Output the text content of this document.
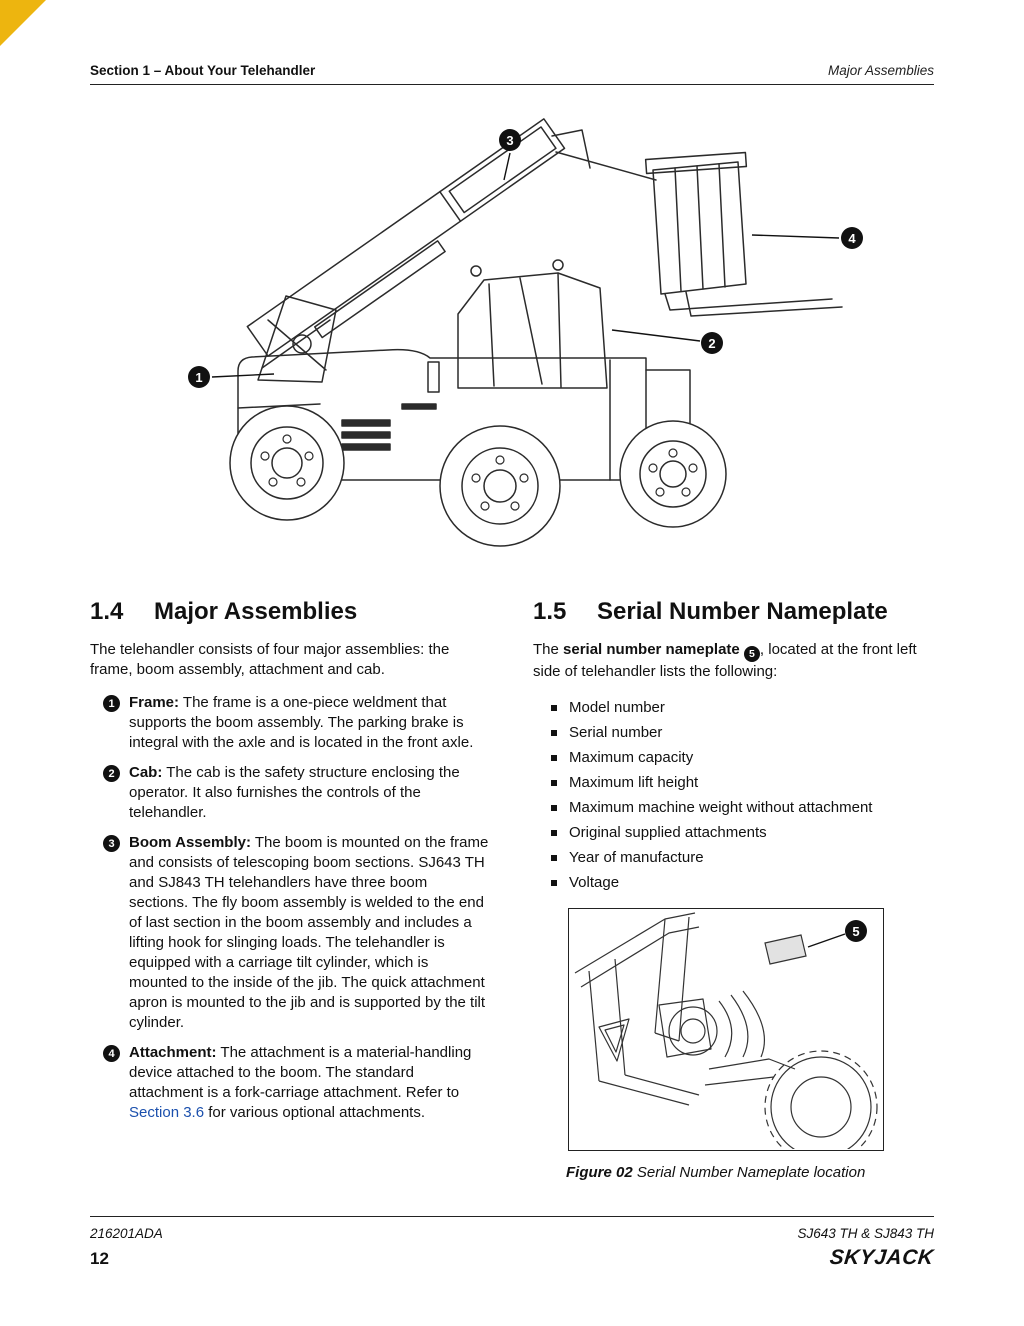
Section 1 – About Your Telehandler	Major Assemblies
3
4
2
1
1.4	Major Assemblies

The telehandler consists of four major assemblies: the frame, boom assembly, attachment and cab.

1 Frame: The frame is a one-piece weldment that supports the boom assembly. The parking brake is integral with the axle and is located in the front axle.
2 Cab: The cab is the safety structure enclosing the operator. It also furnishes the controls of the telehandler.
3 Boom Assembly: The boom is mounted on the frame and consists of telescoping boom sections. SJ643 TH and SJ843 TH telehandlers have three boom sections. The fly boom assembly is welded to the end of last section in the boom assembly and includes a lifting hook for slinging loads. The telehandler is equipped with a carriage tilt cylinder, which is mounted to the inside of the jib. The quick attachment apron is mounted to the jib and is supported by the tilt cylinder.
4 Attachment: The attachment is a material-handling device attached to the boom. The standard attachment is a fork-carriage attachment. Refer to Section 3.6 for various optional attachments.
1.5	Serial Number Nameplate

The serial number nameplate 5 , located at the front left side of telehandler lists the following:

Model number
Serial number
Maximum capacity
Maximum lift height
Maximum machine weight without attachment
Original supplied attachments
Year of manufacture
Voltage
5

Figure 02 Serial Number Nameplate location

216201ADA
12
SJ643 TH & SJ843 TH
SKYJACK
